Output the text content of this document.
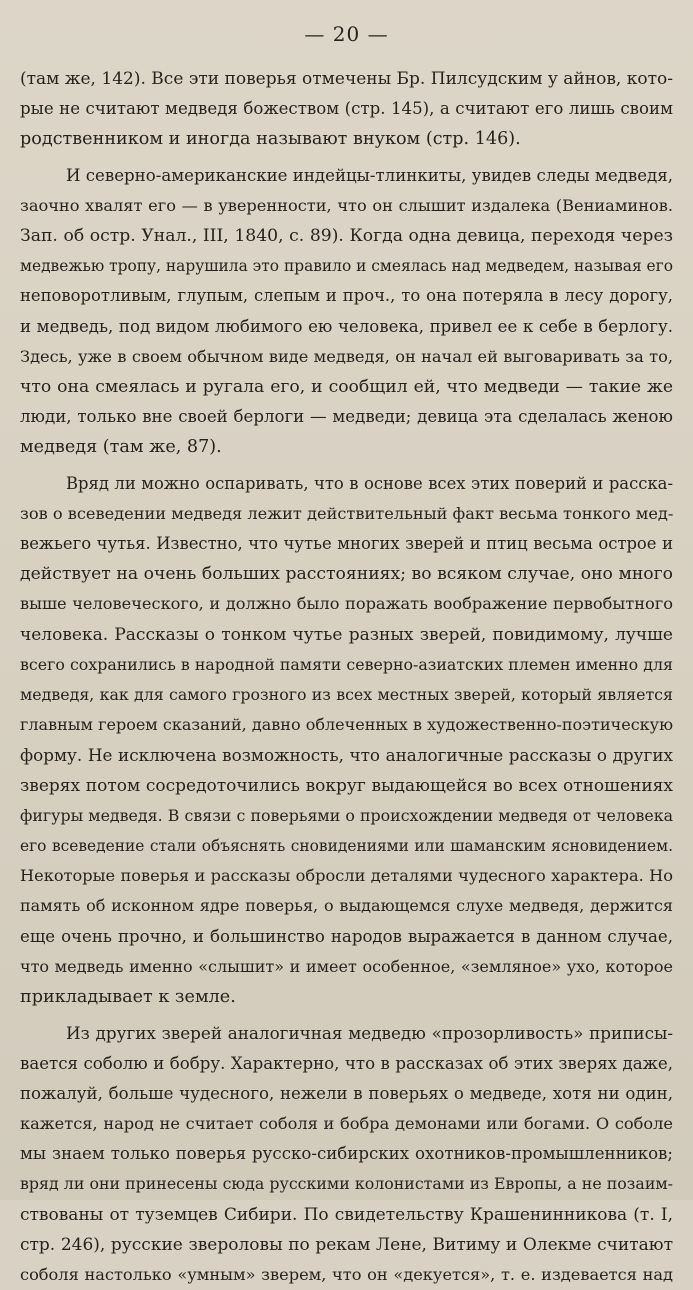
— 20 —
(там же, 142). Все эти поверья отмечены Бр. Пилсудским у айнов, кото-
рые не считают медведя божеством (стр. 145), а считают его лишь своим
родственником и иногда называют внуком (стр. 146).
И северно-американские индейцы-тлинкиты, увидев следы медведя,
заочно хвалят его — в уверенности, что он слышит издалека (Вениаминов.
Зап. об остр. Унал., III, 1840, с. 89). Когда одна девица, переходя через
медвежью тропу, нарушила это правило и смеялась над медведем, называя его
неповоротливым, глупым, слепым и проч., то она потеряла в лесу дорогу,
и медведь, под видом любимого ею человека, привел ее к себе в берлогу.
Здесь, уже в своем обычном виде медведя, он начал ей выговаривать за то,
что она смеялась и ругала его, и сообщил ей, что медведи — такие же
люди, только вне своей берлоги — медведи; девица эта сделалась женою
медведя (там же, 87).
Вряд ли можно оспаривать, что в основе всех этих поверий и расска-
зов о всеведении медведя лежит действительный факт весьма тонкого мед-
вежьего чутья. Известно, что чутье многих зверей и птиц весьма острое и
действует на очень больших расстояниях; во всяком случае, оно много
выше человеческого, и должно было поражать воображение первобытного
человека. Рассказы о тонком чутье разных зверей, повидимому, лучше
всего сохранились в народной памяти северно-азиатских племен именно для
медведя, как для самого грозного из всех местных зверей, который является
главным героем сказаний, давно облеченных в художественно-поэтическую
форму. Не исключена возможность, что аналогичные рассказы о других
зверях потом сосредоточились вокруг выдающейся во всех отношениях
фигуры медведя. В связи с поверьями о происхождении медведя от человека
его всеведение стали объяснять сновидениями или шаманским ясновидением.
Некоторые поверья и рассказы обросли деталями чудесного характера. Но
память об исконном ядре поверья, о выдающемся слухе медведя, держится
еще очень прочно, и большинство народов выражается в данном случае,
что медведь именно «слышит» и имеет особенное, «земляное» ухо, которое
прикладывает к земле.
Из других зверей аналогичная медведю «прозорливость» приписы-
вается соболю и бобру. Характерно, что в рассказах об этих зверях даже,
пожалуй, больше чудесного, нежели в поверьях о медведе, хотя ни один,
кажется, народ не считает соболя и бобра демонами или богами. О соболе
мы знаем только поверья русско-сибирских охотников-промышленников;
вряд ли они принесены сюда русскими колонистами из Европы, а не позаим-
ствованы от туземцев Сибири. По свидетельству Крашенинникова (т. I,
стр. 246), русские звероловы по рекам Лене, Витиму и Олекме считают
соболя настолько «умным» зверем, что он «декуется», т. е. издевается над
